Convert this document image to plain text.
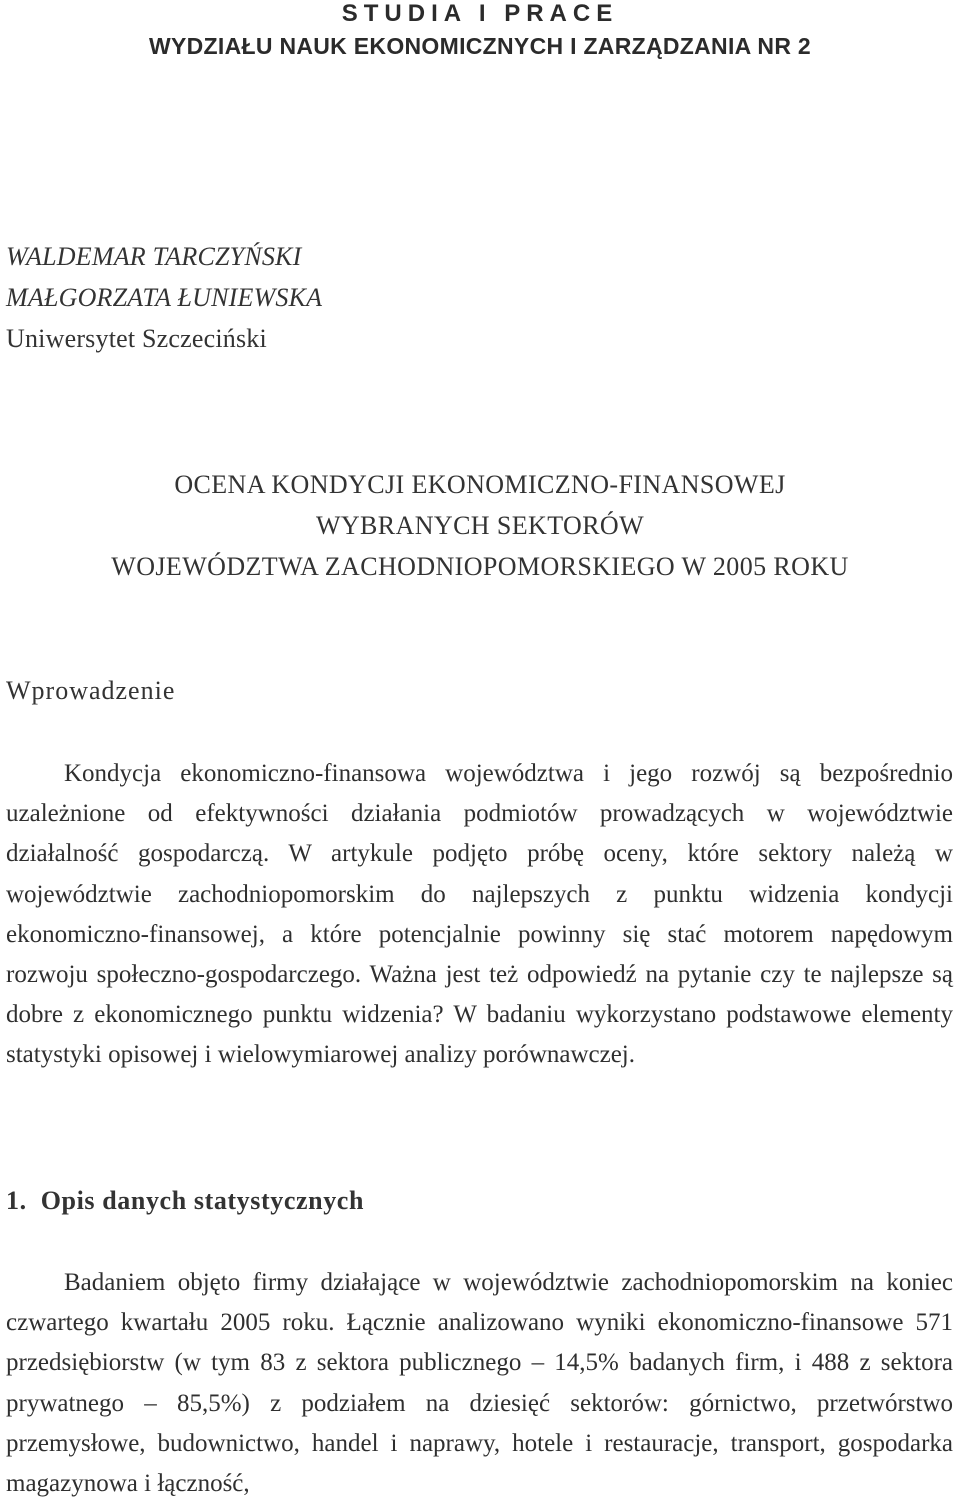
STUDIA I PRACE
WYDZIAŁU NAUK EKONOMICZNYCH I ZARZĄDZANIA NR 2
WALDEMAR TARCZYŃSKI
MAŁGORZATA ŁUNIEWSKA
Uniwersytet Szczeciński
OCENA KONDYCJI EKONOMICZNO-FINANSOWEJ
WYBRANYCH SEKTORÓW
WOJEWÓDZTWA ZACHODNIOPOMORSKIEGO W 2005 ROKU
Wprowadzenie

Kondycja ekonomiczno-finansowa województwa i jego rozwój są bezpośrednio uzależnione od efektywności działania podmiotów prowadzących w województwie działalność gospodarczą. W artykule podjęto próbę oceny, które sektory należą w województwie zachodniopomorskim do najlepszych z punktu widzenia kondycji ekonomiczno-finansowej, a które potencjalnie powinny się stać motorem napędowym rozwoju społeczno-gospodarczego. Ważna jest też odpowiedź na pytanie czy te najlepsze są dobre z ekonomicznego punktu widzenia? W badaniu wykorzystano podstawowe elementy statystyki opisowej i wielowymiarowej analizy porównawczej.

1. Opis danych statystycznych

Badaniem objęto firmy działające w województwie zachodniopomorskim na koniec czwartego kwartału 2005 roku. Łącznie analizowano wyniki ekonomiczno-finansowe 571 przedsiębiorstw (w tym 83 z sektora publicznego – 14,5% badanych firm, i 488 z sektora prywatnego – 85,5%) z podziałem na dziesięć sektorów: górnictwo, przetwórstwo przemysłowe, budownictwo, handel i naprawy, hotele i restauracje, transport, gospodarka magazynowa i łączność,
